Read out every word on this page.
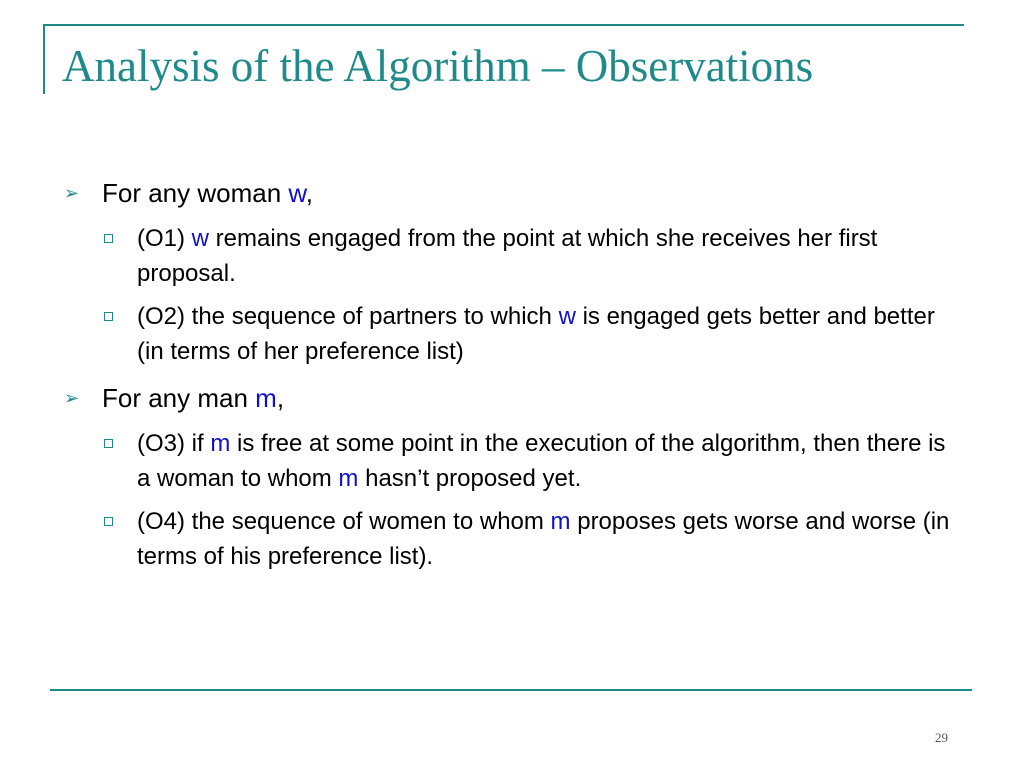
Analysis of the Algorithm – Observations
➢ For any woman w,
(O1) w remains engaged from the point at which she receives her first proposal.
(O2) the sequence of partners to which w is engaged gets better and better (in terms of her preference list)
➢ For any man m,
(O3) if m is free at some point in the execution of the algorithm, then there is a woman to whom m hasn’t proposed yet.
(O4) the sequence of women to whom m proposes gets worse and worse (in terms of his preference list).
29
